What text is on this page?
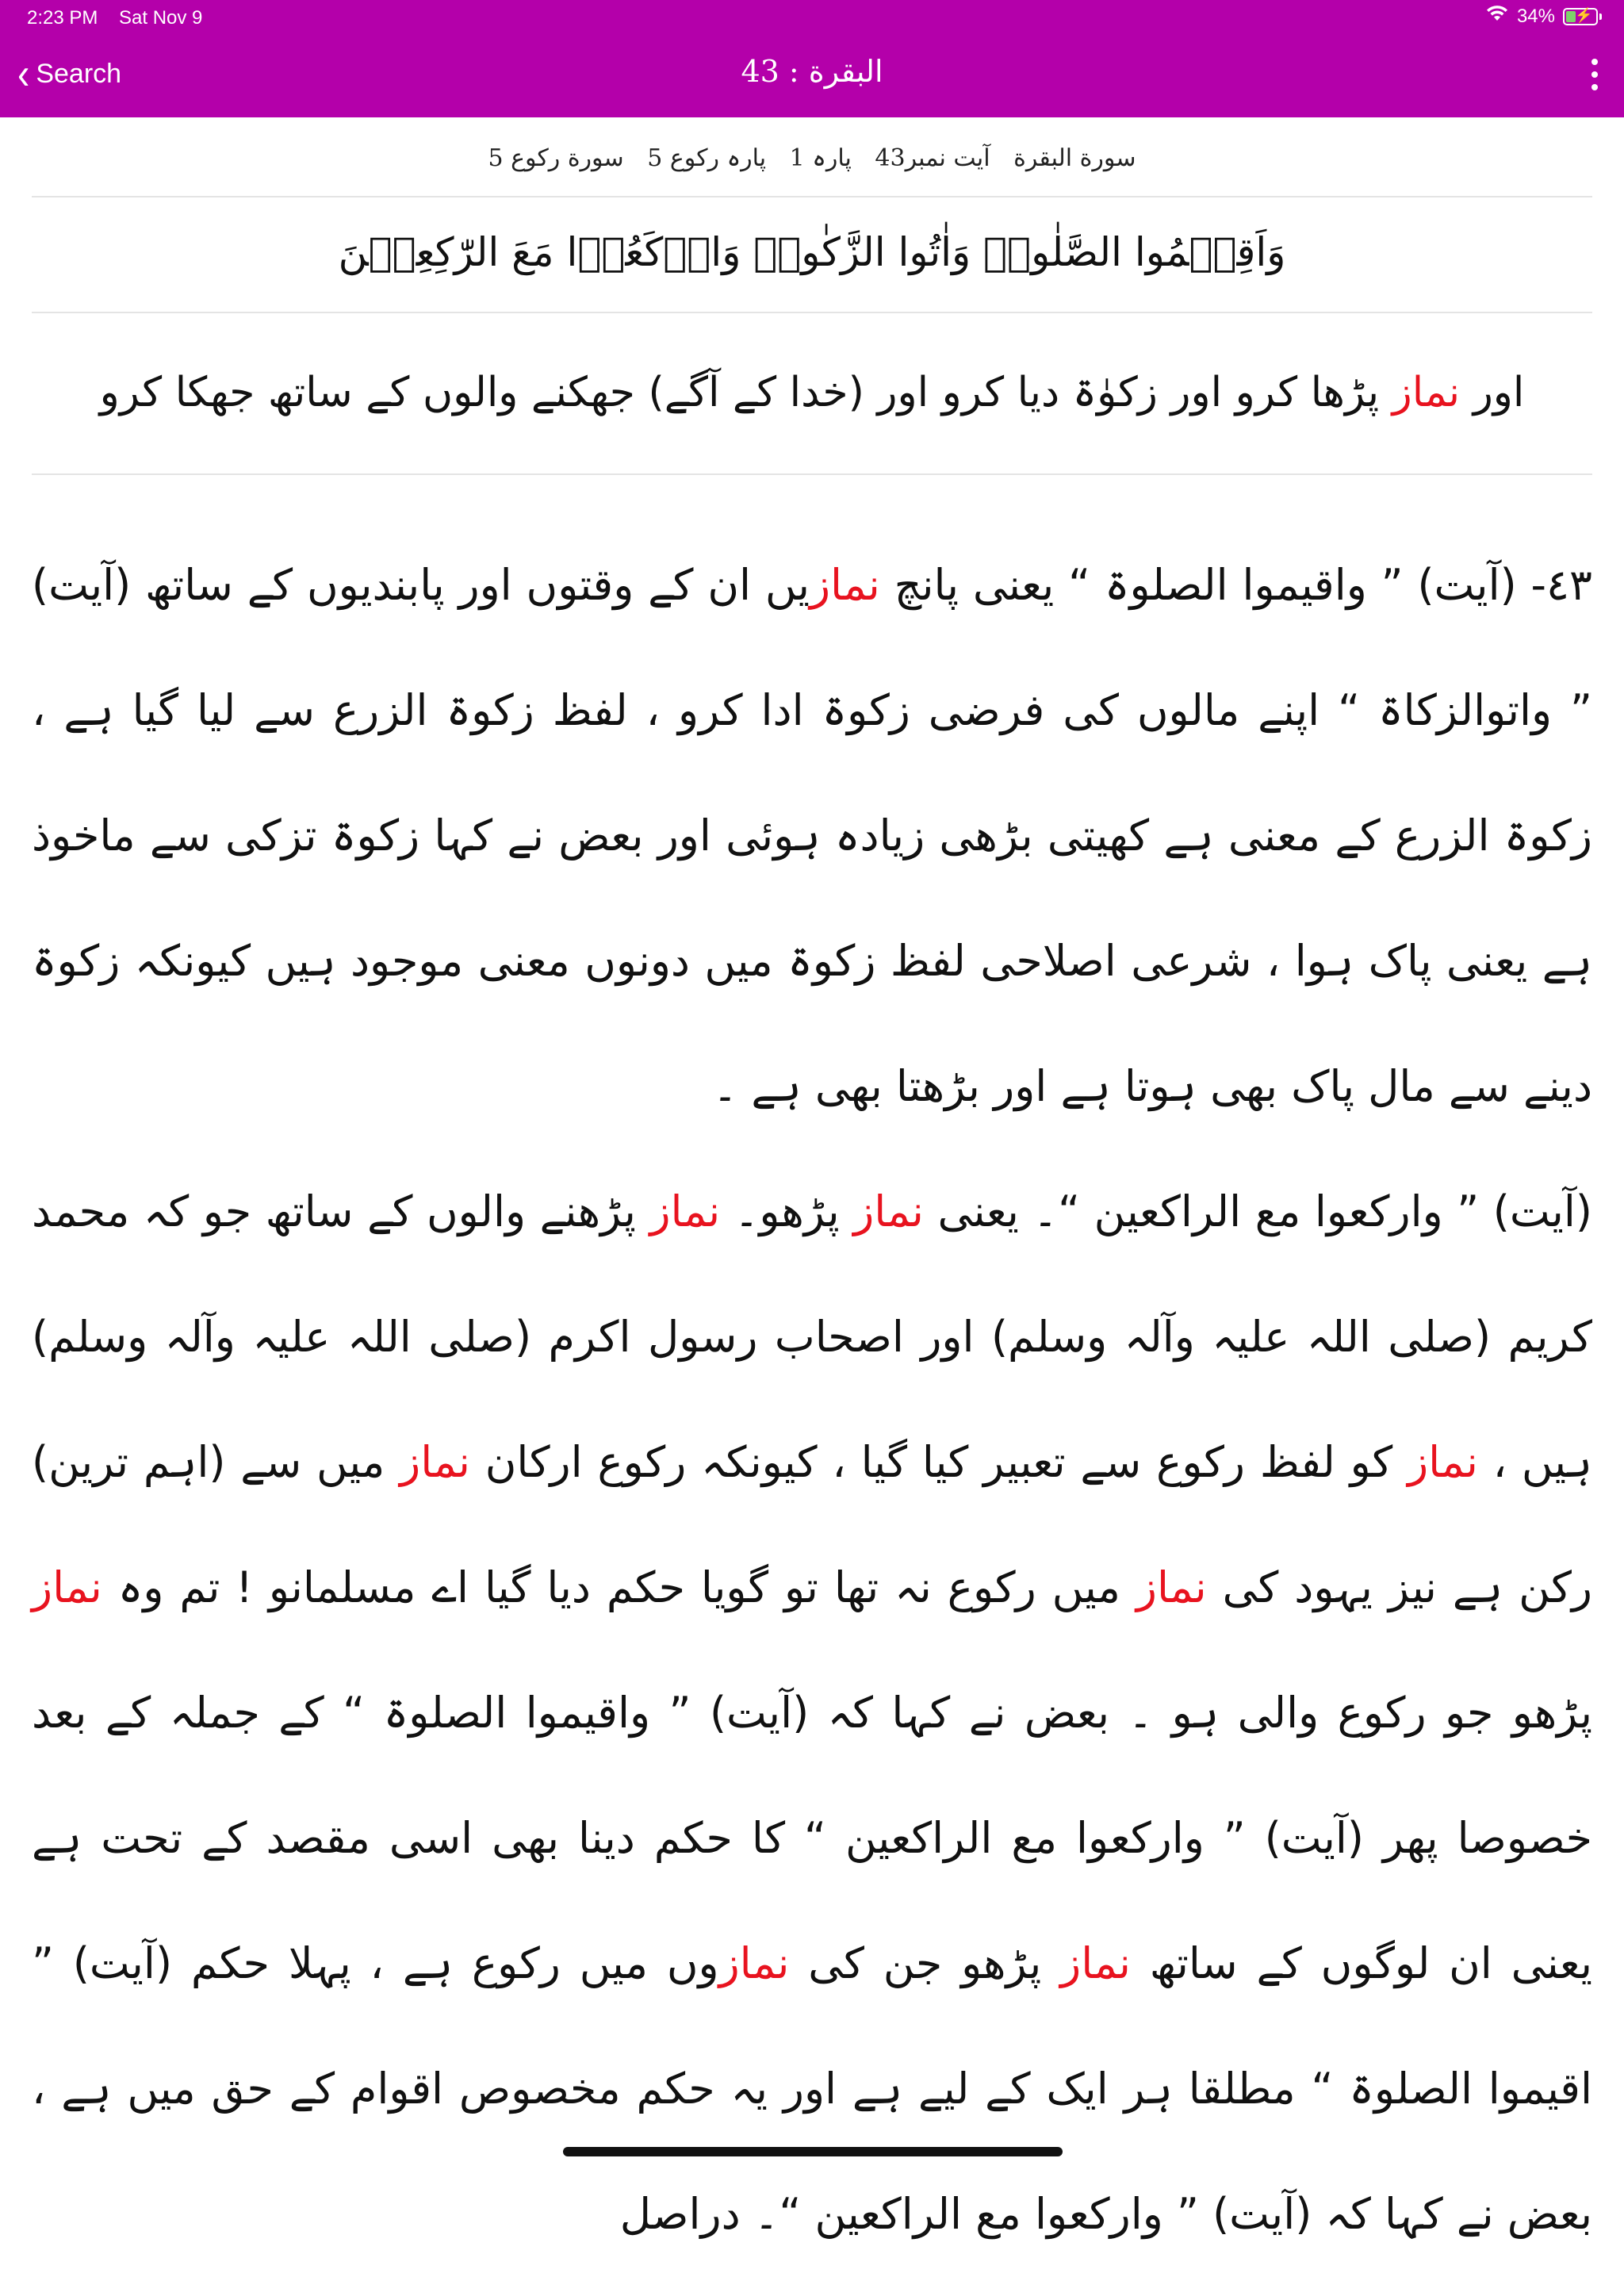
2:23 PM Sat Nov 9	34% ⚡
‹ Search	البقرة : 43
سورة البقرة آیت نمبر43 پارہ 1 پارہ رکوع 5 سورة رکوع 5
وَاَقِیۡمُوا الصَّلٰوۃَ وَاٰتُوا الزَّکٰوۃَ وَارۡکَعُوۡا مَعَ الرّٰکِعِیۡنَ
اور نماز پڑھا کرو اور زکوٰۃ دیا کرو اور (خدا کے آگے) جھکنے والوں کے ساتھ جھکا کرو

٤٣- (آیت) ” واقیموا الصلوۃ “ یعنی پانچ نمازیں ان کے وقتوں اور پابندیوں کے ساتھ (آیت) ” واتوالزکاۃ “ اپنے مالوں کی فرضی زکوۃ ادا کرو ، لفظ زکوۃ الزرع سے لیا گیا ہے ، زکوۃ الزرع کے معنی ہے کھیتی بڑھی زیادہ ہوئی اور بعض نے کہا زکوۃ تزکی سے ماخوذ ہے یعنی پاک ہوا ، شرعی اصلاحی لفظ زکوۃ میں دونوں معنی موجود ہیں کیونکہ زکوۃ دینے سے مال پاک بھی ہوتا ہے اور بڑھتا بھی ہے ۔

(آیت) ” وارکعوا مع الراکعین “۔ یعنی نماز پڑھو۔ نماز پڑھنے والوں کے ساتھ جو کہ محمد کریم (صلی اللہ علیہ وآلہ وسلم) اور اصحاب رسول اکرم (صلی اللہ علیہ وآلہ وسلم) ہیں ، نماز کو لفظ رکوع سے تعبیر کیا گیا ، کیونکہ رکوع ارکان نماز میں سے (اہم ترین) رکن ہے نیز یہود کی نماز میں رکوع نہ تھا تو گویا حکم دیا گیا اے مسلمانو ! تم وہ نماز پڑھو جو رکوع والی ہو ۔ بعض نے کہا کہ (آیت) ” واقیموا الصلوۃ “ کے جملہ کے بعد خصوصا پھر (آیت) ” وارکعوا مع الراکعین “ کا حکم دینا بھی اسی مقصد کے تحت ہے یعنی ان لوگوں کے ساتھ نماز پڑھو جن کی نمازوں میں رکوع ہے ، پہلا حکم (آیت) ” اقیموا الصلوۃ “ مطلقا ہر ایک کے لیے ہے اور یہ حکم مخصوص اقوام کے حق میں ہے ، بعض نے کہا کہ (آیت) ” وارکعوا مع الراکعین “۔ دراصل
